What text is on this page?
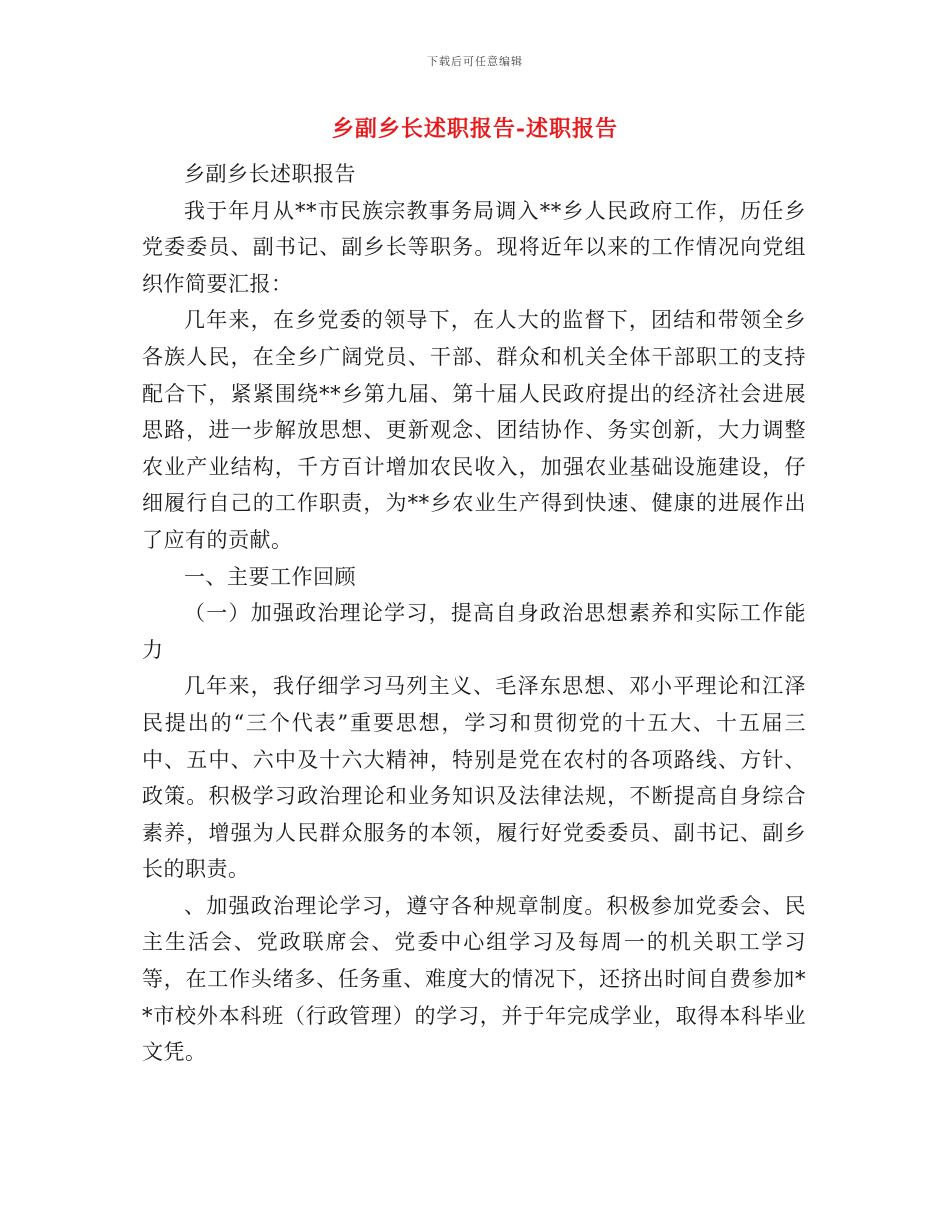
下载后可任意编辑
乡副乡长述职报告-述职报告

乡副乡长述职报告

我于年月从**市民族宗教事务局调入**乡人民政府工作，历任乡党委委员、副书记、副乡长等职务。现将近年以来的工作情况向党组织作简要汇报：

几年来，在乡党委的领导下，在人大的监督下，团结和带领全乡各族人民，在全乡广阔党员、干部、群众和机关全体干部职工的支持配合下，紧紧围绕**乡第九届、第十届人民政府提出的经济社会进展思路，进一步解放思想、更新观念、团结协作、务实创新，大力调整农业产业结构，千方百计增加农民收入，加强农业基础设施建设，仔细履行自己的工作职责，为**乡农业生产得到快速、健康的进展作出了应有的贡献。

一、主要工作回顾

（一）加强政治理论学习，提高自身政治思想素养和实际工作能力

几年来，我仔细学习马列主义、毛泽东思想、邓小平理论和江泽民提出的“三个代表”重要思想，学习和贯彻党的十五大、十五届三中、五中、六中及十六大精神，特别是党在农村的各项路线、方针、政策。积极学习政治理论和业务知识及法律法规，不断提高自身综合素养，增强为人民群众服务的本领，履行好党委委员、副书记、副乡长的职责。

、加强政治理论学习，遵守各种规章制度。积极参加党委会、民主生活会、党政联席会、党委中心组学习及每周一的机关职工学习等，在工作头绪多、任务重、难度大的情况下，还挤出时间自费参加**市校外本科班（行政管理）的学习，并于年完成学业，取得本科毕业文凭。
